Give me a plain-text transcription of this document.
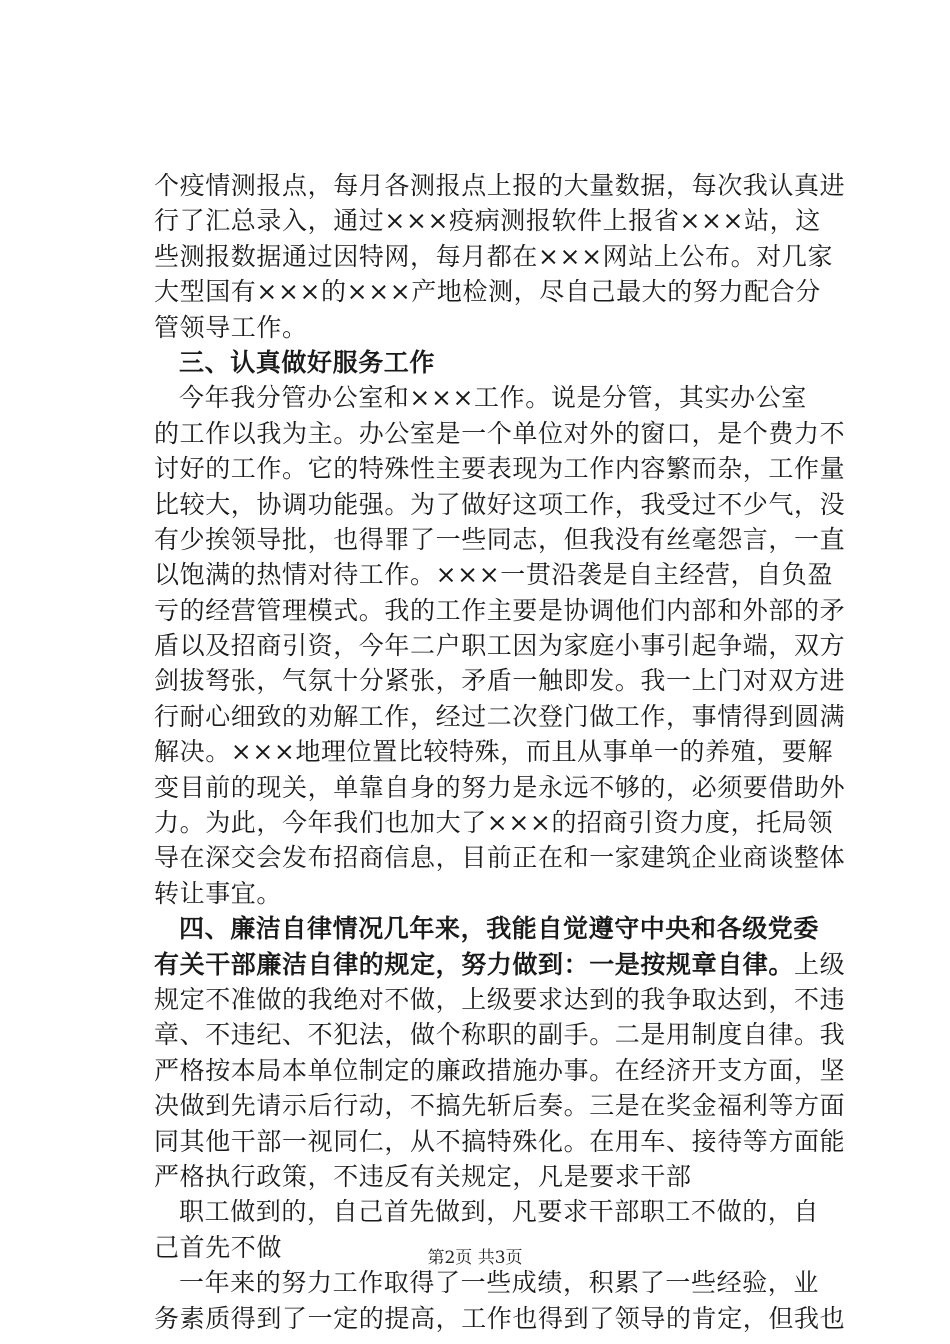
个疫情测报点，每月各测报点上报的大量数据，每次我认真进
行了汇总录入，通过×××疫病测报软件上报省×××站，这
些测报数据通过因特网，每月都在×××网站上公布。对几家
大型国有×××的×××产地检测，尽自己最大的努力配合分
管领导工作。
三、认真做好服务工作
今年我分管办公室和×××工作。说是分管，其实办公室
的工作以我为主。办公室是一个单位对外的窗口，是个费力不
讨好的工作。它的特殊性主要表现为工作内容繁而杂，工作量
比较大，协调功能强。为了做好这项工作，我受过不少气，没
有少挨领导批，也得罪了一些同志，但我没有丝毫怨言，一直
以饱满的热情对待工作。×××一贯沿袭是自主经营，自负盈
亏的经营管理模式。我的工作主要是协调他们内部和外部的矛
盾以及招商引资，今年二户职工因为家庭小事引起争端，双方
剑拔弩张，气氛十分紧张，矛盾一触即发。我一上门对双方进
行耐心细致的劝解工作，经过二次登门做工作，事情得到圆满
解决。×××地理位置比较特殊，而且从事单一的养殖，要解
变目前的现关，单靠自身的努力是永远不够的，必须要借助外
力。为此，今年我们也加大了×××的招商引资力度，托局领
导在深交会发布招商信息，目前正在和一家建筑企业商谈整体
转让事宜。
四、廉洁自律情况几年来，我能自觉遵守中央和各级党委
有关干部廉洁自律的规定，努力做到：一是按规章自律。上级
规定不准做的我绝对不做，上级要求达到的我争取达到，不违
章、不违纪、不犯法，做个称职的副手。二是用制度自律。我
严格按本局本单位制定的廉政措施办事。在经济开支方面，坚
决做到先请示后行动，不搞先斩后奏。三是在奖金福利等方面
同其他干部一视同仁，从不搞特殊化。在用车、接待等方面能
严格执行政策，不违反有关规定，凡是要求干部
职工做到的，自己首先做到，凡要求干部职工不做的，自
己首先不做
一年来的努力工作取得了一些成绩，积累了一些经验，业
务素质得到了一定的提高，工作也得到了领导的肯定，但我也
第2页 共3页
